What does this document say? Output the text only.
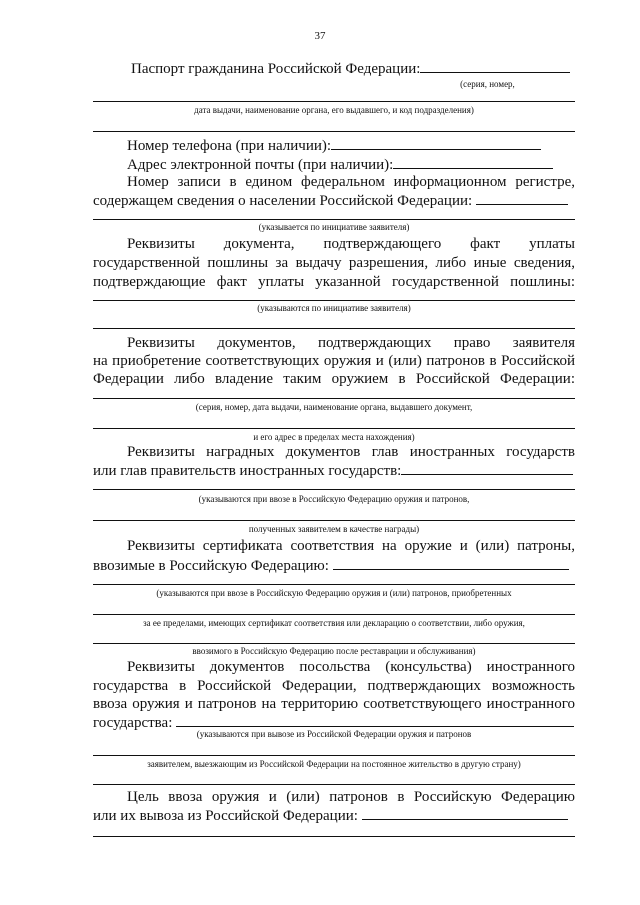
37
Паспорт гражданина Российской Федерации:
(серия, номер,
дата выдачи, наименование органа, его выдавшего, и код подразделения)
Номер телефона (при наличии):
Адрес электронной почты (при наличии):
Номер записи в едином федеральном информационном регистре,
содержащем сведения о населении Российской Федерации:
(указывается по инициативе заявителя)
Реквизиты документа, подтверждающего факт уплаты
государственной пошлины за выдачу разрешения, либо иные сведения,
подтверждающие факт уплаты указанной государственной пошлины:
(указываются по инициативе заявителя)
Реквизиты документов, подтверждающих право заявителя
на приобретение соответствующих оружия и (или) патронов в Российской
Федерации либо владение таким оружием в Российской Федерации:
(серия, номер, дата выдачи, наименование органа, выдавшего документ,
и его адрес в пределах места нахождения)
Реквизиты наградных документов глав иностранных государств
или глав правительств иностранных государств:
(указываются при ввозе в Российскую Федерацию оружия и патронов,
полученных заявителем в качестве награды)
Реквизиты сертификата соответствия на оружие и (или) патроны,
ввозимые в Российскую Федерацию:
(указываются при ввозе в Российскую Федерацию оружия и (или) патронов, приобретенных
за ее пределами, имеющих сертификат соответствия или декларацию о соответствии, либо оружия,
ввозимого в Российскую Федерацию после реставрации и обслуживания)
Реквизиты документов посольства (консульства) иностранного
государства в Российской Федерации, подтверждающих возможность
ввоза оружия и патронов на территорию соответствующего иностранного
государства:
(указываются при вывозе из Российской Федерации оружия и патронов
заявителем, выезжающим из Российской Федерации на постоянное жительство в другую страну)
Цель ввоза оружия и (или) патронов в Российскую Федерацию
или их вывоза из Российской Федерации:
